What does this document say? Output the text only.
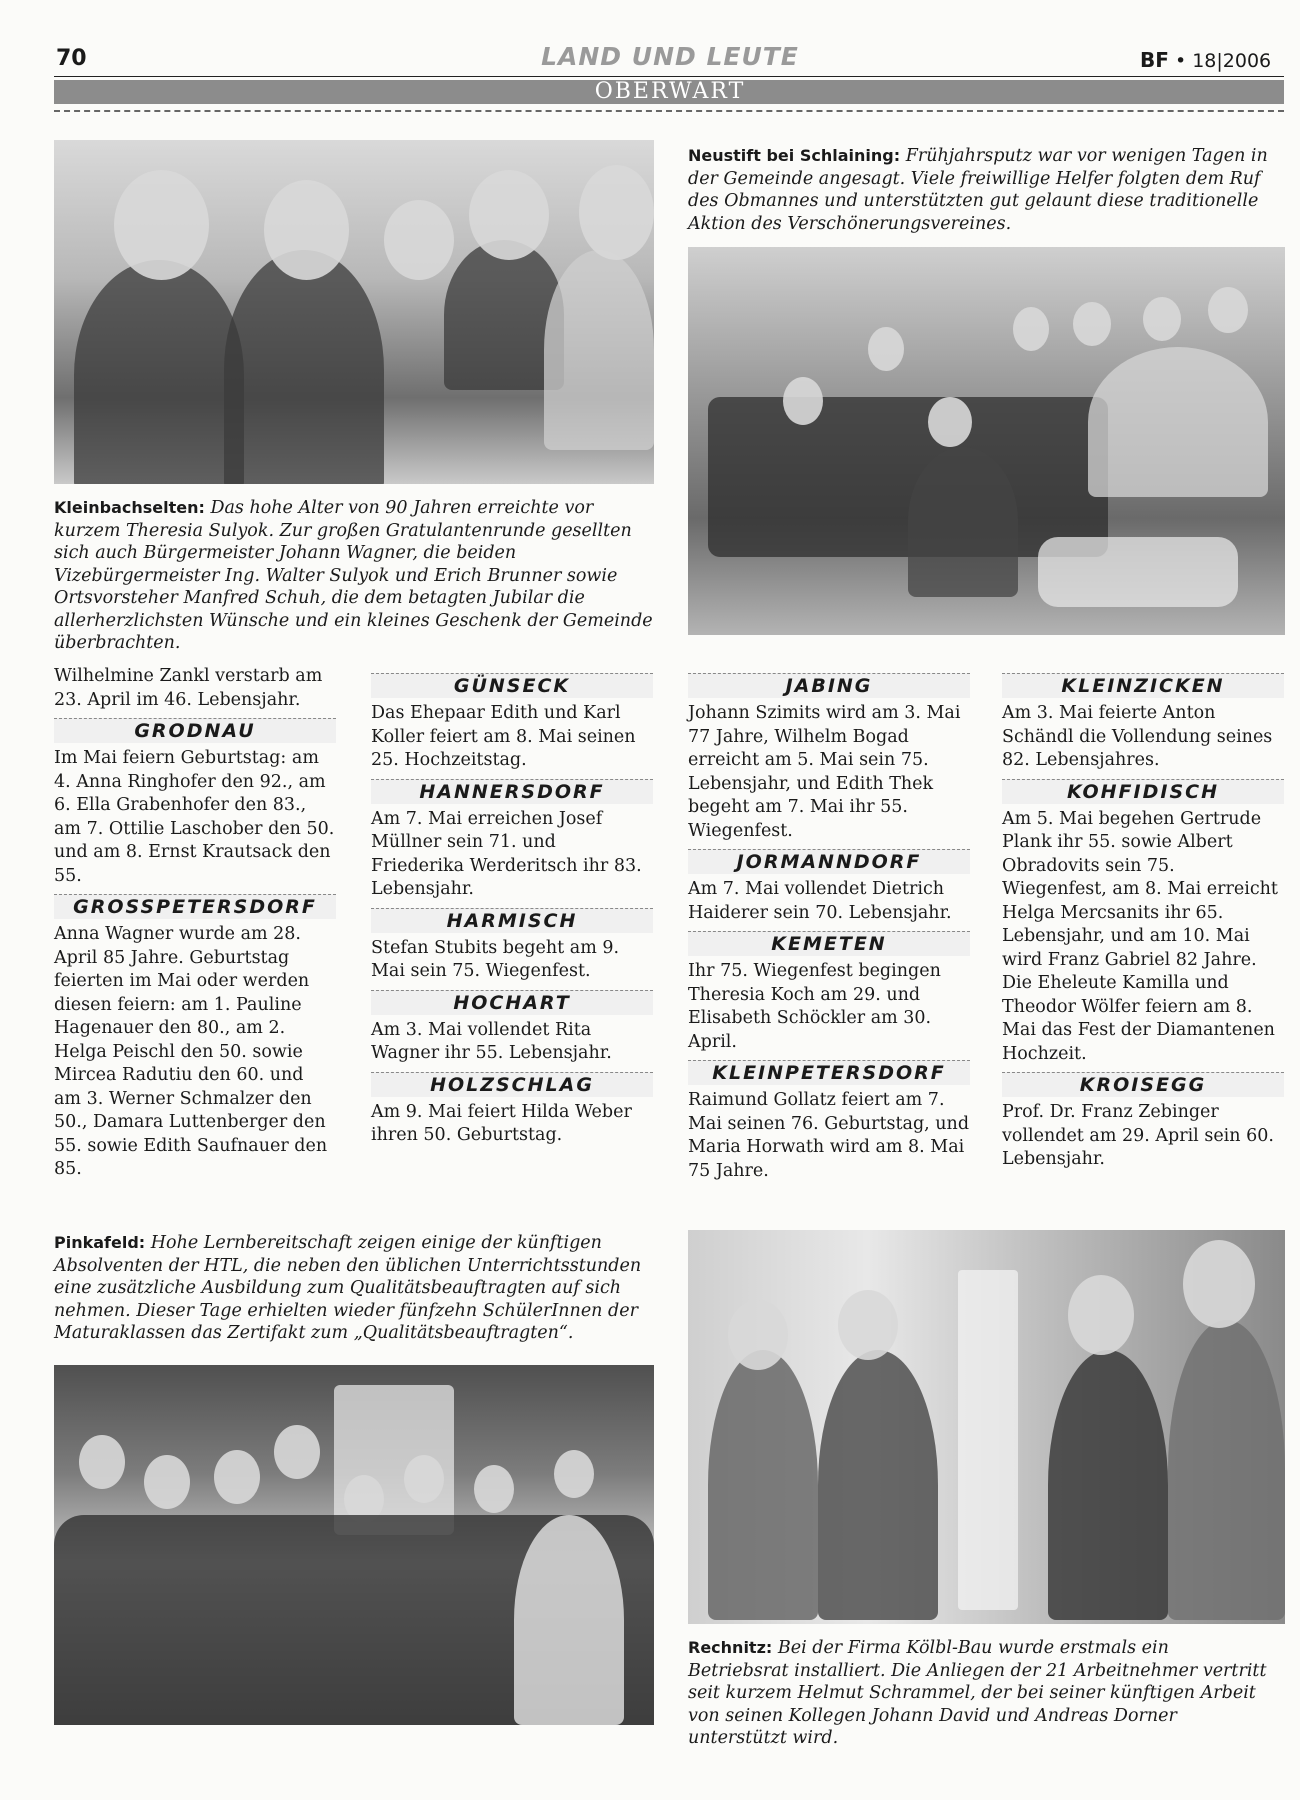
70	LAND UND LEUTE	BF • 18|2006
OBERWART
Kleinbachselten: Das hohe Alter von 90 Jahren erreichte vor kurzem Theresia Sulyok. Zur großen Gratulantenrunde gesellten sich auch Bürgermeister Johann Wagner, die beiden Vizebürgermeister Ing. Walter Sulyok und Erich Brunner sowie Ortsvorsteher Manfred Schuh, die dem betagten Jubilar die allerherzlichsten Wünsche und ein kleines Geschenk der Gemeinde überbrachten.
Neustift bei Schlaining: Frühjahrsputz war vor wenigen Tagen in der Gemeinde angesagt. Viele freiwillige Helfer folgten dem Ruf des Obmannes und unterstützten gut gelaunt diese traditionelle Aktion des Verschönerungsvereines.

Wilhelmine Zankl verstarb am 23. April im 46. Lebensjahr.

GRODNAU

Im Mai feiern Geburtstag: am 4. Anna Ringhofer den 92., am 6. Ella Grabenhofer den 83., am 7. Ottilie Laschober den 50. und am 8. Ernst Krautsack den 55.

GROSSPETERSDORF

Anna Wagner wurde am 28. April 85 Jahre. Geburtstag feierten im Mai oder werden diesen feiern: am 1. Pauline Hagenauer den 80., am 2. Helga Peischl den 50. sowie Mircea Radutiu den 60. und am 3. Werner Schmalzer den 50., Damara Luttenberger den 55. sowie Edith Saufnauer den 85.

GÜNSECK

Das Ehepaar Edith und Karl Koller feiert am 8. Mai seinen 25. Hochzeitstag.

HANNERSDORF

Am 7. Mai erreichen Josef Müllner sein 71. und Friederika Werderitsch ihr 83. Lebensjahr.

HARMISCH

Stefan Stubits begeht am 9. Mai sein 75. Wiegenfest.

HOCHART

Am 3. Mai vollendet Rita Wagner ihr 55. Lebensjahr.

HOLZSCHLAG

Am 9. Mai feiert Hilda Weber ihren 50. Geburtstag.

JABING

Johann Szimits wird am 3. Mai 77 Jahre, Wilhelm Bogad erreicht am 5. Mai sein 75. Lebensjahr, und Edith Thek begeht am 7. Mai ihr 55. Wiegenfest.

JORMANNDORF

Am 7. Mai vollendet Dietrich Haiderer sein 70. Lebensjahr.

KEMETEN

Ihr 75. Wiegenfest begingen Theresia Koch am 29. und Elisabeth Schöckler am 30. April.

KLEINPETERSDORF

Raimund Gollatz feiert am 7. Mai seinen 76. Geburtstag, und Maria Horwath wird am 8. Mai 75 Jahre.

KLEINZICKEN

Am 3. Mai feierte Anton Schändl die Vollendung seines 82. Lebensjahres.

KOHFIDISCH

Am 5. Mai begehen Gertrude Plank ihr 55. sowie Albert Obradovits sein 75. Wiegenfest, am 8. Mai erreicht Helga Mercsanits ihr 65. Lebensjahr, und am 10. Mai wird Franz Gabriel 82 Jahre. Die Eheleute Kamilla und Theodor Wölfer feiern am 8. Mai das Fest der Diamantenen Hochzeit.

KROISEGG

Prof. Dr. Franz Zebinger vollendet am 29. April sein 60. Lebensjahr.

Pinkafeld: Hohe Lernbereitschaft zeigen einige der künftigen Absolventen der HTL, die neben den üblichen Unterrichtsstunden eine zusätzliche Ausbildung zum Qualitätsbeauftragten auf sich nehmen. Dieser Tage erhielten wieder fünfzehn SchülerInnen der Maturaklassen das Zertifakt zum „Qualitätsbeauftragten“.
Rechnitz: Bei der Firma Kölbl-Bau wurde erstmals ein Betriebsrat installiert. Die Anliegen der 21 Arbeitnehmer vertritt seit kurzem Helmut Schrammel, der bei seiner künftigen Arbeit von seinen Kollegen Johann David und Andreas Dorner unterstützt wird.
